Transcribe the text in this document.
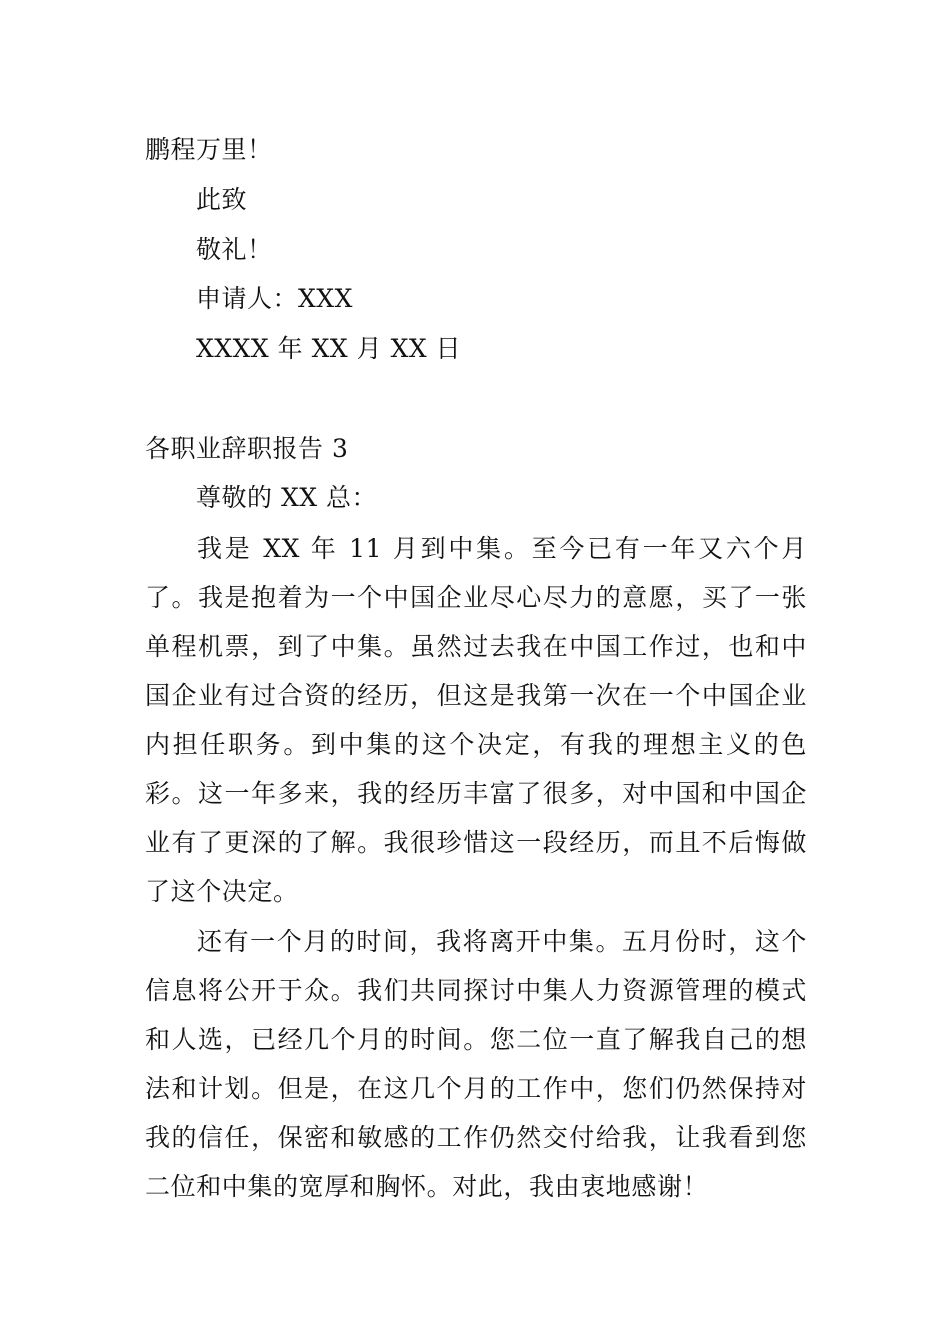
鹏程万里！
此致
敬礼！
申请人：XXX
XXXX 年 XX 月 XX 日
各职业辞职报告 3
尊敬的 XX 总：

我是 XX 年 11 月到中集。至今已有一年又六个月了。我是抱着为一个中国企业尽心尽力的意愿，买了一张单程机票，到了中集。虽然过去我在中国工作过，也和中国企业有过合资的经历，但这是我第一次在一个中国企业内担任职务。到中集的这个决定，有我的理想主义的色彩。这一年多来，我的经历丰富了很多，对中国和中国企业有了更深的了解。我很珍惜这一段经历，而且不后悔做了这个决定。

还有一个月的时间，我将离开中集。五月份时，这个信息将公开于众。我们共同探讨中集人力资源管理的模式和人选，已经几个月的时间。您二位一直了解我自己的想法和计划。但是，在这几个月的工作中，您们仍然保持对我的信任，保密和敏感的工作仍然交付给我，让我看到您二位和中集的宽厚和胸怀。对此，我由衷地感谢！
